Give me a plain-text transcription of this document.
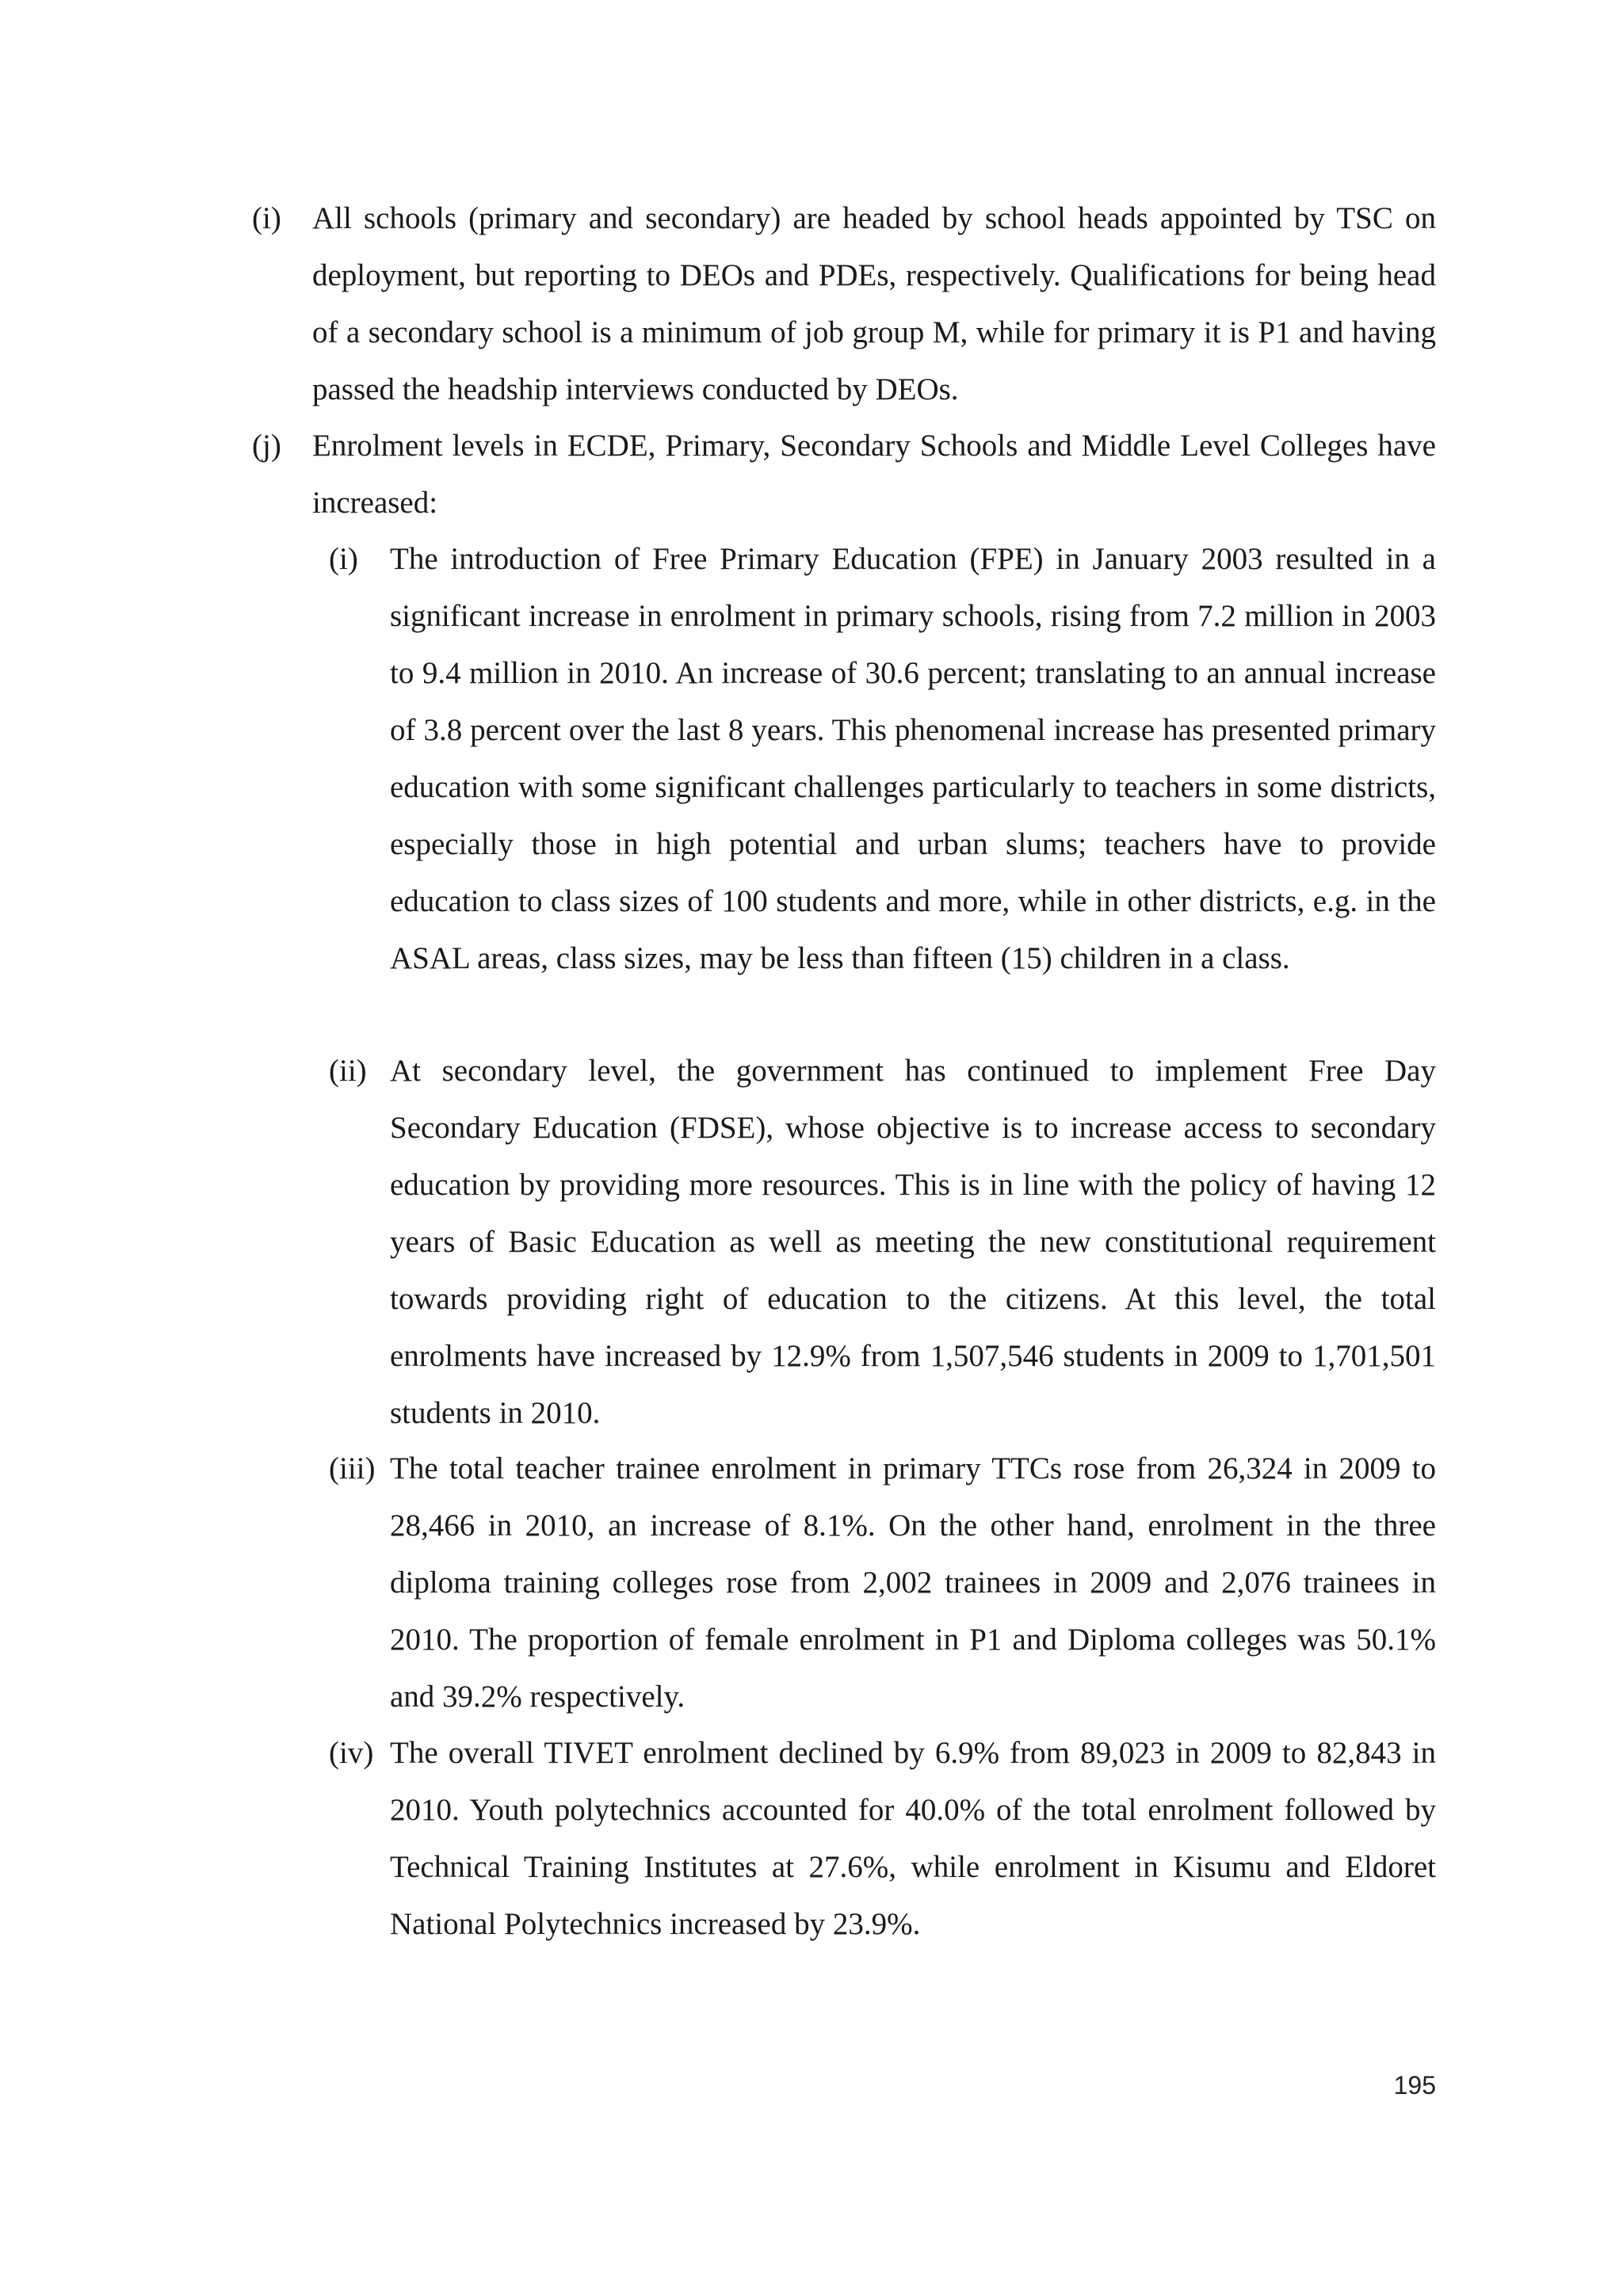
(i) All schools (primary and secondary) are headed by school heads appointed by TSC on deployment, but reporting to DEOs and PDEs, respectively. Qualifications for being head of a secondary school is a minimum of job group M, while for primary it is P1 and having passed the headship interviews conducted by DEOs.
(j) Enrolment levels in ECDE, Primary, Secondary Schools and Middle Level Colleges have increased:
(i) The introduction of Free Primary Education (FPE) in January 2003 resulted in a significant increase in enrolment in primary schools, rising from 7.2 million in 2003 to 9.4 million in 2010. An increase of 30.6 percent; translating to an annual increase of 3.8 percent over the last 8 years. This phenomenal increase has presented primary education with some significant challenges particularly to teachers in some districts, especially those in high potential and urban slums; teachers have to provide education to class sizes of 100 students and more, while in other districts, e.g. in the ASAL areas, class sizes, may be less than fifteen (15) children in a class.
(ii) At secondary level, the government has continued to implement Free Day Secondary Education (FDSE), whose objective is to increase access to secondary education by providing more resources. This is in line with the policy of having 12 years of Basic Education as well as meeting the new constitutional requirement towards providing right of education to the citizens. At this level, the total enrolments have increased by 12.9% from 1,507,546 students in 2009 to 1,701,501 students in 2010.
(iii) The total teacher trainee enrolment in primary TTCs rose from 26,324 in 2009 to 28,466 in 2010, an increase of 8.1%. On the other hand, enrolment in the three diploma training colleges rose from 2,002 trainees in 2009 and 2,076 trainees in 2010. The proportion of female enrolment in P1 and Diploma colleges was 50.1% and 39.2% respectively.
(iv) The overall TIVET enrolment declined by 6.9% from 89,023 in 2009 to 82,843 in 2010. Youth polytechnics accounted for 40.0% of the total enrolment followed by Technical Training Institutes at 27.6%, while enrolment in Kisumu and Eldoret National Polytechnics increased by 23.9%.
195
